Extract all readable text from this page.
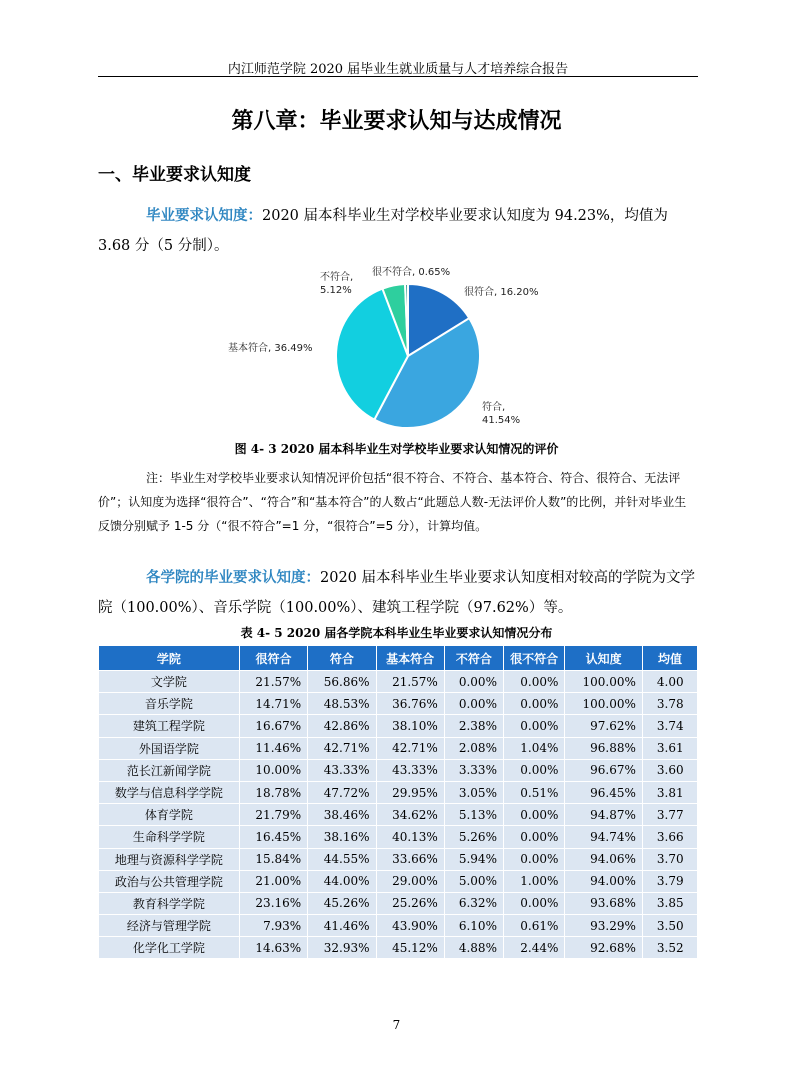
内江师范学院 2020 届毕业生就业质量与人才培养综合报告
第八章：毕业要求认知与达成情况
一、毕业要求认知度
毕业要求认知度：2020 届本科毕业生对学校毕业要求认知度为 94.23%，均值为 3.68 分（5 分制）。
很符合, 16.20%
符合, 41.54%
基本符合, 36.49%
不符合, 5.12%
很不符合, 0.65%
图 4- 3 2020 届本科毕业生对学校毕业要求认知情况的评价
注：毕业生对学校毕业要求认知情况评价包括“很不符合、不符合、基本符合、符合、很符合、无法评价”；认知度为选择“很符合”、“符合”和“基本符合”的人数占“此题总人数-无法评价人数”的比例，并针对毕业生反馈分别赋予 1-5 分（“很不符合”=1 分，“很符合”=5 分），计算均值。
各学院的毕业要求认知度：2020 届本科毕业生毕业要求认知度相对较高的学院为文学院（100.00%）、音乐学院（100.00%）、建筑工程学院（97.62%）等。
表 4- 5 2020 届各学院本科毕业生毕业要求认知情况分布
学院	很符合	符合	基本符合	不符合	很不符合	认知度	均值
文学院	21.57%	56.86%	21.57%	0.00%	0.00%	100.00%	4.00
音乐学院	14.71%	48.53%	36.76%	0.00%	0.00%	100.00%	3.78
建筑工程学院	16.67%	42.86%	38.10%	2.38%	0.00%	97.62%	3.74
外国语学院	11.46%	42.71%	42.71%	2.08%	1.04%	96.88%	3.61
范长江新闻学院	10.00%	43.33%	43.33%	3.33%	0.00%	96.67%	3.60
数学与信息科学学院	18.78%	47.72%	29.95%	3.05%	0.51%	96.45%	3.81
体育学院	21.79%	38.46%	34.62%	5.13%	0.00%	94.87%	3.77
生命科学学院	16.45%	38.16%	40.13%	5.26%	0.00%	94.74%	3.66
地理与资源科学学院	15.84%	44.55%	33.66%	5.94%	0.00%	94.06%	3.70
政治与公共管理学院	21.00%	44.00%	29.00%	5.00%	1.00%	94.00%	3.79
教育科学学院	23.16%	45.26%	25.26%	6.32%	0.00%	93.68%	3.85
经济与管理学院	7.93%	41.46%	43.90%	6.10%	0.61%	93.29%	3.50
化学化工学院	14.63%	32.93%	45.12%	4.88%	2.44%	92.68%	3.52
7
